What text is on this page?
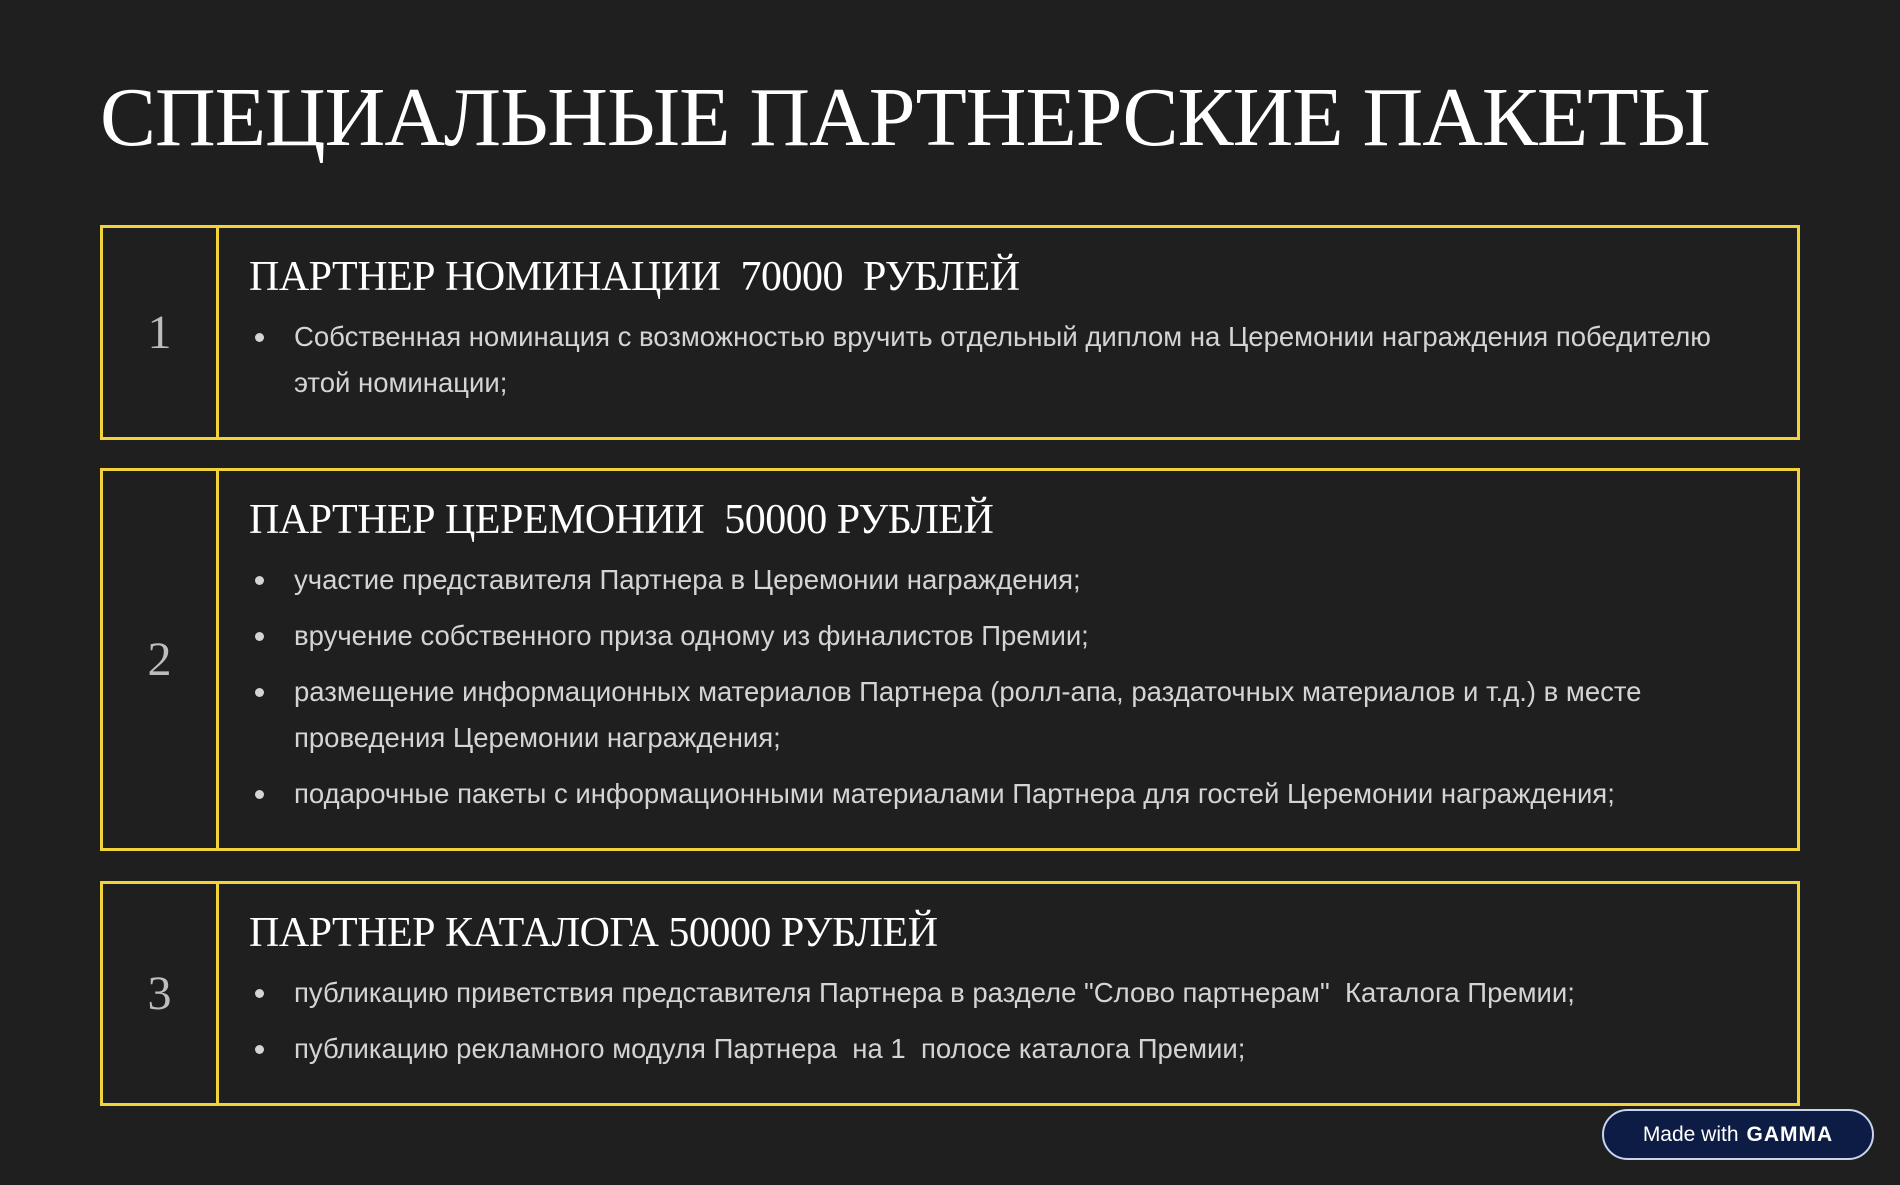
СПЕЦИАЛЬНЫЕ ПАРТНЕРСКИЕ ПАКЕТЫ
1
ПАРТНЕР НОМИНАЦИИ  70000  РУБЛЕЙ
Собственная номинация с возможностью вручить отдельный диплом на Церемонии награждения победителю этой номинации;
2
ПАРТНЕР ЦЕРЕМОНИИ  50000 РУБЛЕЙ
участие представителя Партнера в Церемонии награждения;
вручение собственного приза одному из финалистов Премии;
размещение информационных материалов Партнера (ролл-апа, раздаточных материалов и т.д.) в месте проведения Церемонии награждения;
подарочные пакеты с информационными материалами Партнера для гостей Церемонии награждения;
3
ПАРТНЕР КАТАЛОГА 50000 РУБЛЕЙ
публикацию приветствия представителя Партнера в разделе "Слово партнерам"  Каталога Премии;
публикацию рекламного модуля Партнера  на 1  полосе каталога Премии;
Made with GAMMA
